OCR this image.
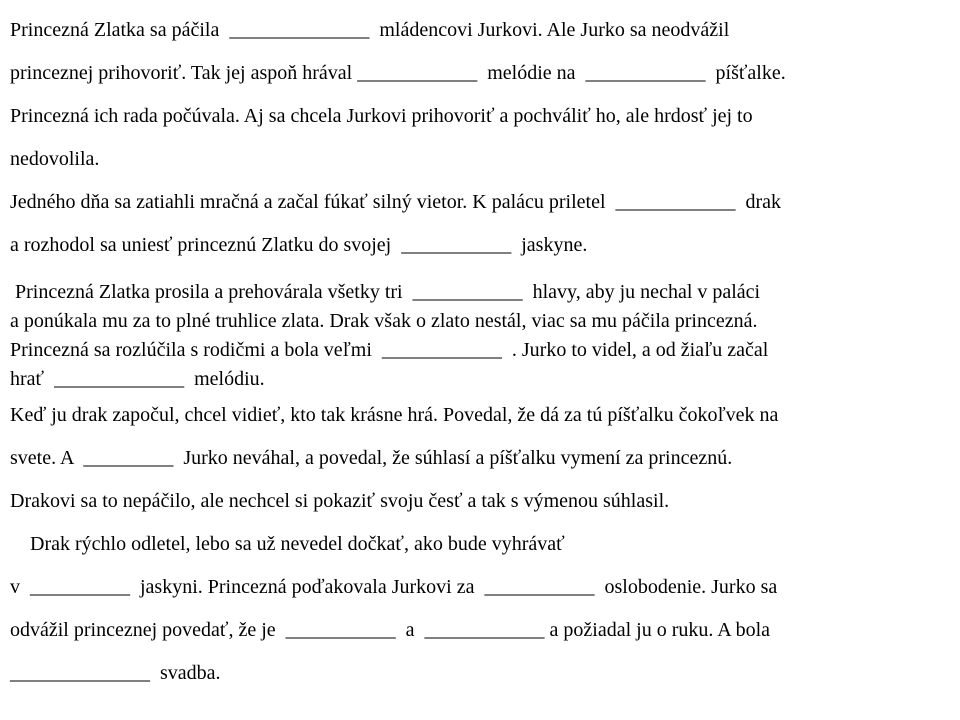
Princezná Zlatka sa páčila  ______________  mládencovi Jurkovi. Ale Jurko sa neodvážil
princeznej prihovoriť. Tak jej aspoň hrával ____________  melódie na  ____________  píšťalke.
Princezná ich rada počúvala. Aj sa chcela Jurkovi prihovoriť a pochváliť ho, ale hrdosť jej to
nedovolila.
Jedného dňa sa zatiahli mračná a začal fúkať silný vietor. K palácu priletel  ____________  drak
a rozhodol sa uniesť princeznú Zlatku do svojej  ___________  jaskyne.
Princezná Zlatka prosila a prehovárala všetky tri  ___________  hlavy, aby ju nechal v paláci
a ponúkala mu za to plné truhlice zlata. Drak však o zlato nestál, viac sa mu páčila princezná.
Princezná sa rozlúčila s rodičmi a bola veľmi  ____________  . Jurko to videl, a od žiaľu začal
hrať  _____________  melódiu.
Keď ju drak započul, chcel vidieť, kto tak krásne hrá. Povedal, že dá za tú píšťalku čokoľvek na
svete. A  _________  Jurko neváhal, a povedal, že súhlasí a píšťalku vymení za princeznú.
Drakovi sa to nepáčilo, ale nechcel si pokaziť svoju česť a tak s výmenou súhlasil.
Drak rýchlo odletel, lebo sa už nevedel dočkať, ako bude vyhrávať
v  __________  jaskyni. Princezná poďakovala Jurkovi za  ___________  oslobodenie. Jurko sa
odvážil princeznej povedať, že je  ___________  a  ____________ a požiadal ju o ruku. A bola
______________  svadba.
